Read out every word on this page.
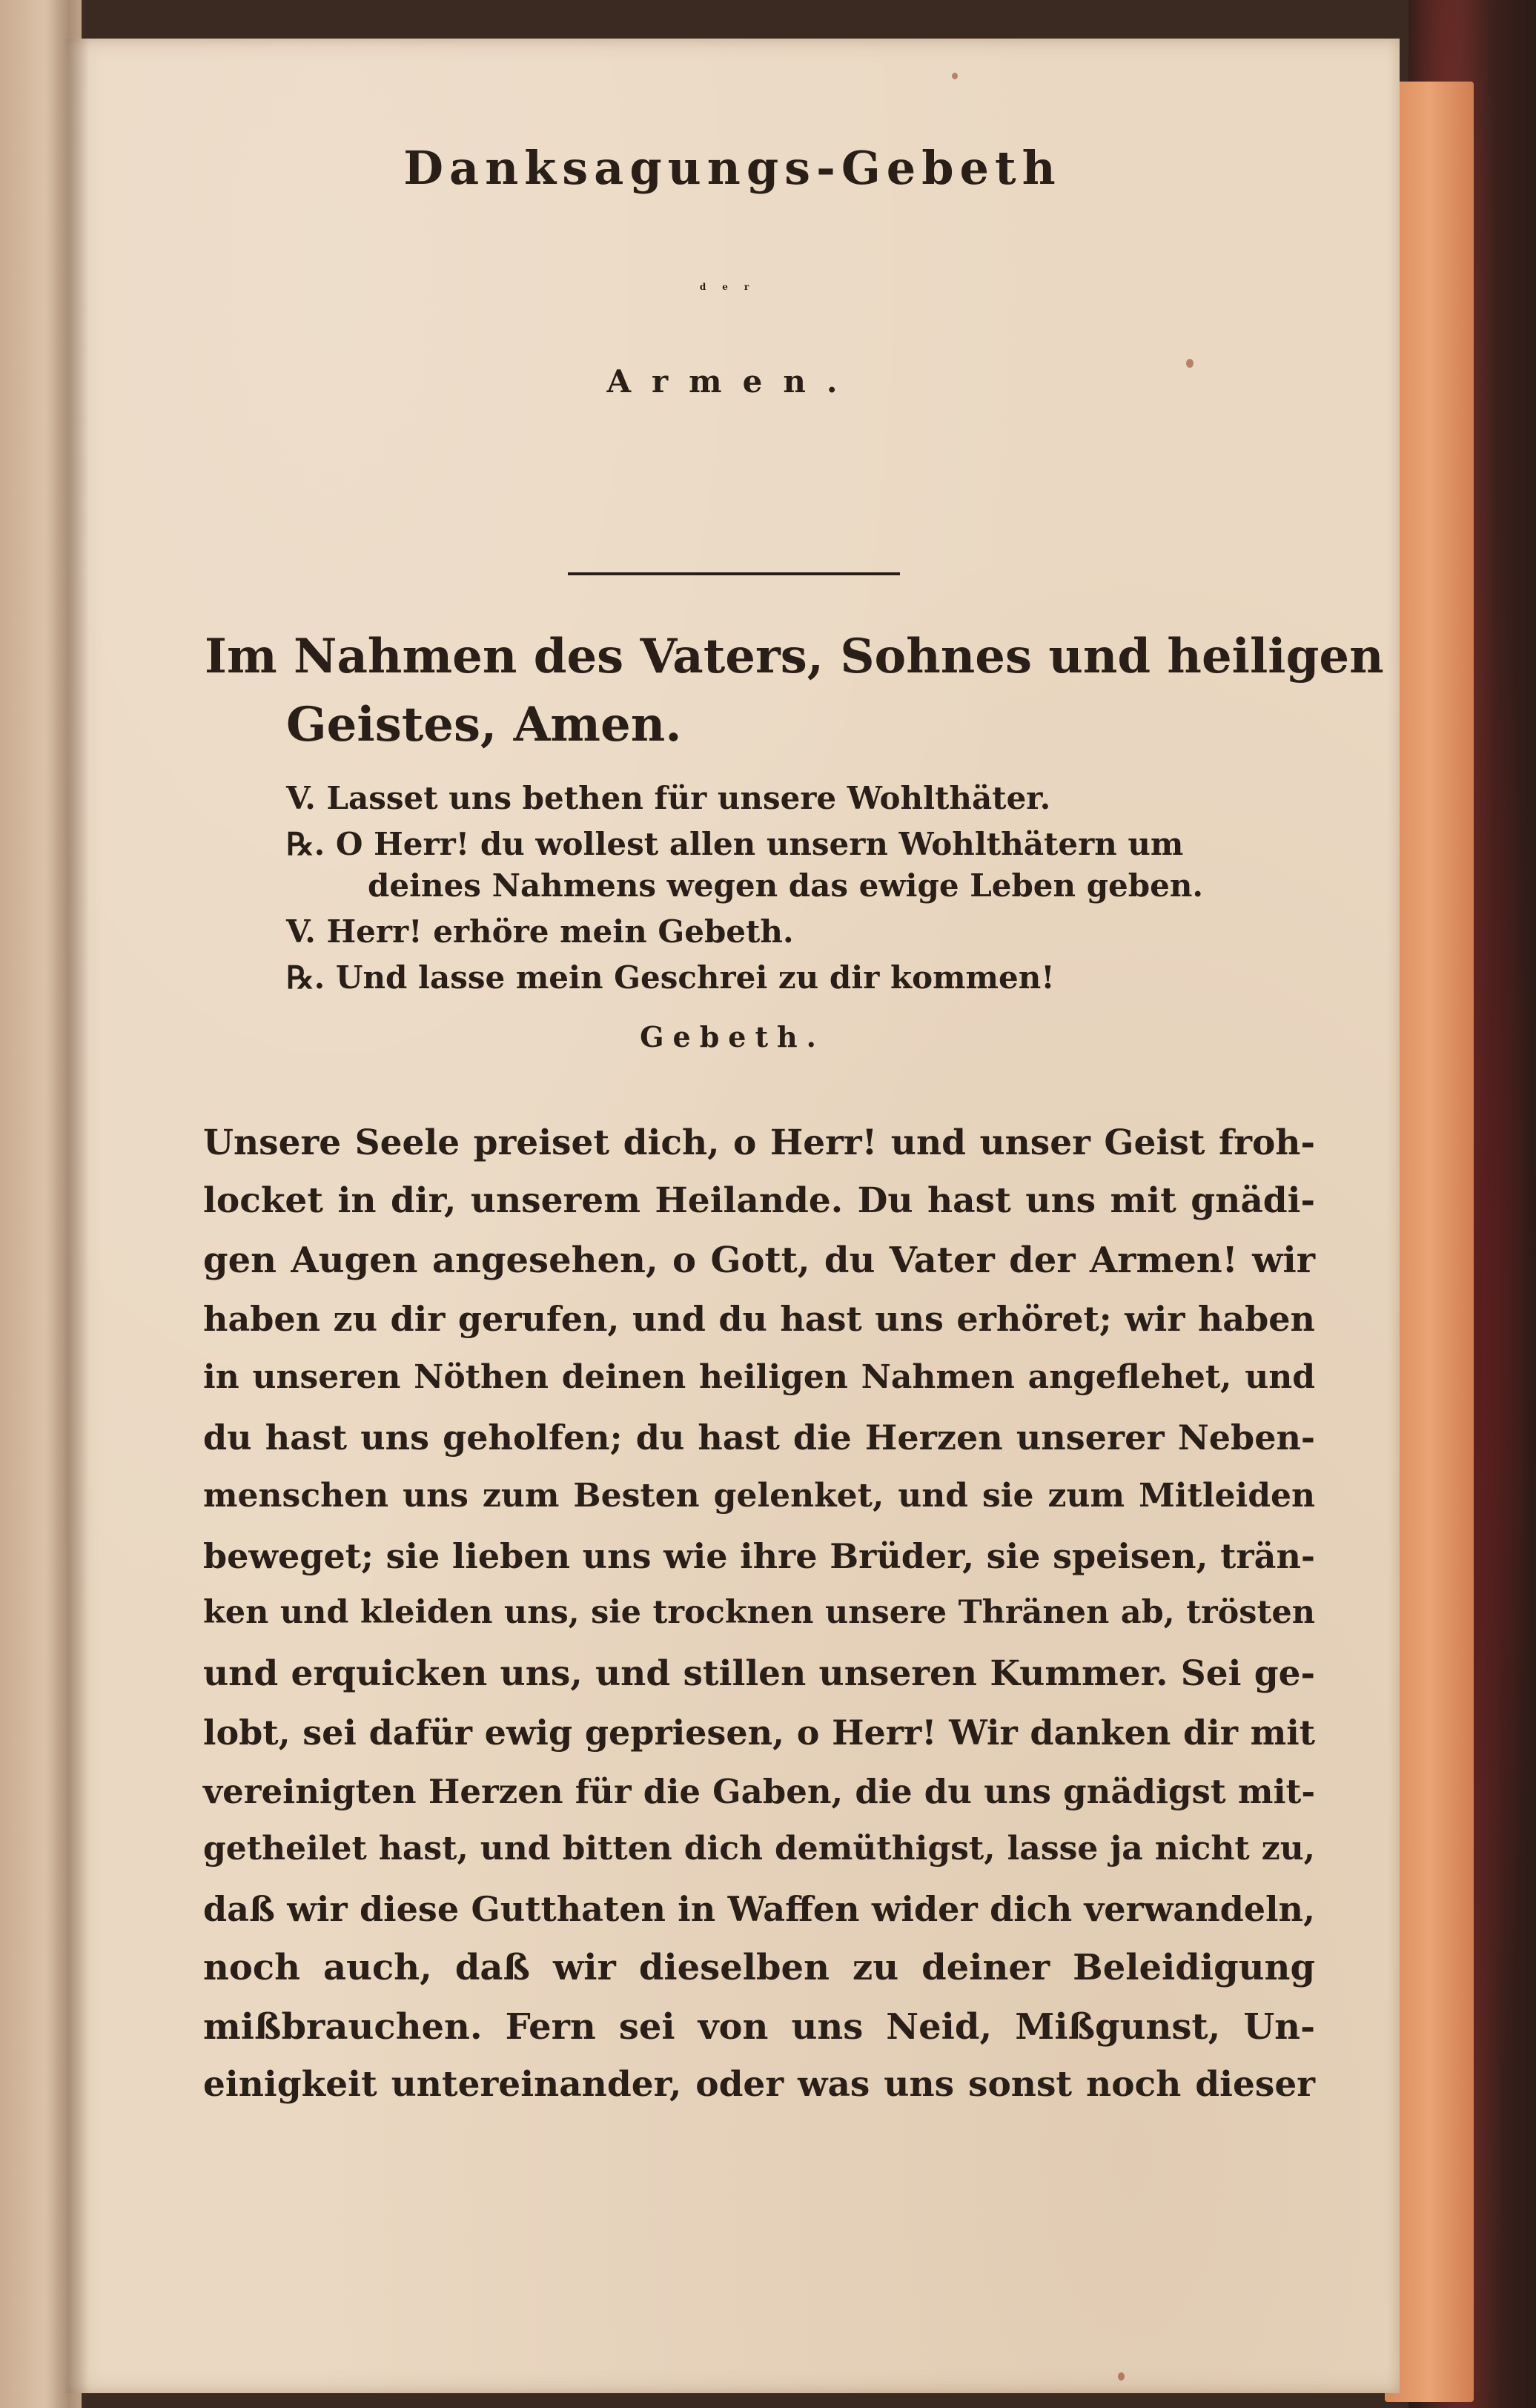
Danksagungs-Gebeth
der
Armen.
Im Nahmen des Vaters, Sohnes und heiligen
Geistes, Amen.
V. Lasset uns bethen für unsere Wohlthäter.
℞. O Herr! du wollest allen unsern Wohlthätern um
deines Nahmens wegen das ewige Leben geben.
V. Herr! erhöre mein Gebeth.
℞. Und lasse mein Geschrei zu dir kommen!
Gebeth.
Unsere Seele preiset dich, o Herr! und unser Geist froh-
locket in dir, unserem Heilande. Du hast uns mit gnädi-
gen Augen angesehen, o Gott, du Vater der Armen! wir
haben zu dir gerufen, und du hast uns erhöret; wir haben
in unseren Nöthen deinen heiligen Nahmen angeflehet, und
du hast uns geholfen; du hast die Herzen unserer Neben-
menschen uns zum Besten gelenket, und sie zum Mitleiden
beweget; sie lieben uns wie ihre Brüder, sie speisen, trän-
ken und kleiden uns, sie trocknen unsere Thränen ab, trösten
und erquicken uns, und stillen unseren Kummer. Sei ge-
lobt, sei dafür ewig gepriesen, o Herr! Wir danken dir mit
vereinigten Herzen für die Gaben, die du uns gnädigst mit-
getheilet hast, und bitten dich demüthigst, lasse ja nicht zu,
daß wir diese Gutthaten in Waffen wider dich verwandeln,
noch auch, daß wir dieselben zu deiner Beleidigung
mißbrauchen. Fern sei von uns Neid, Mißgunst, Un-
einigkeit untereinander, oder was uns sonst noch dieser
